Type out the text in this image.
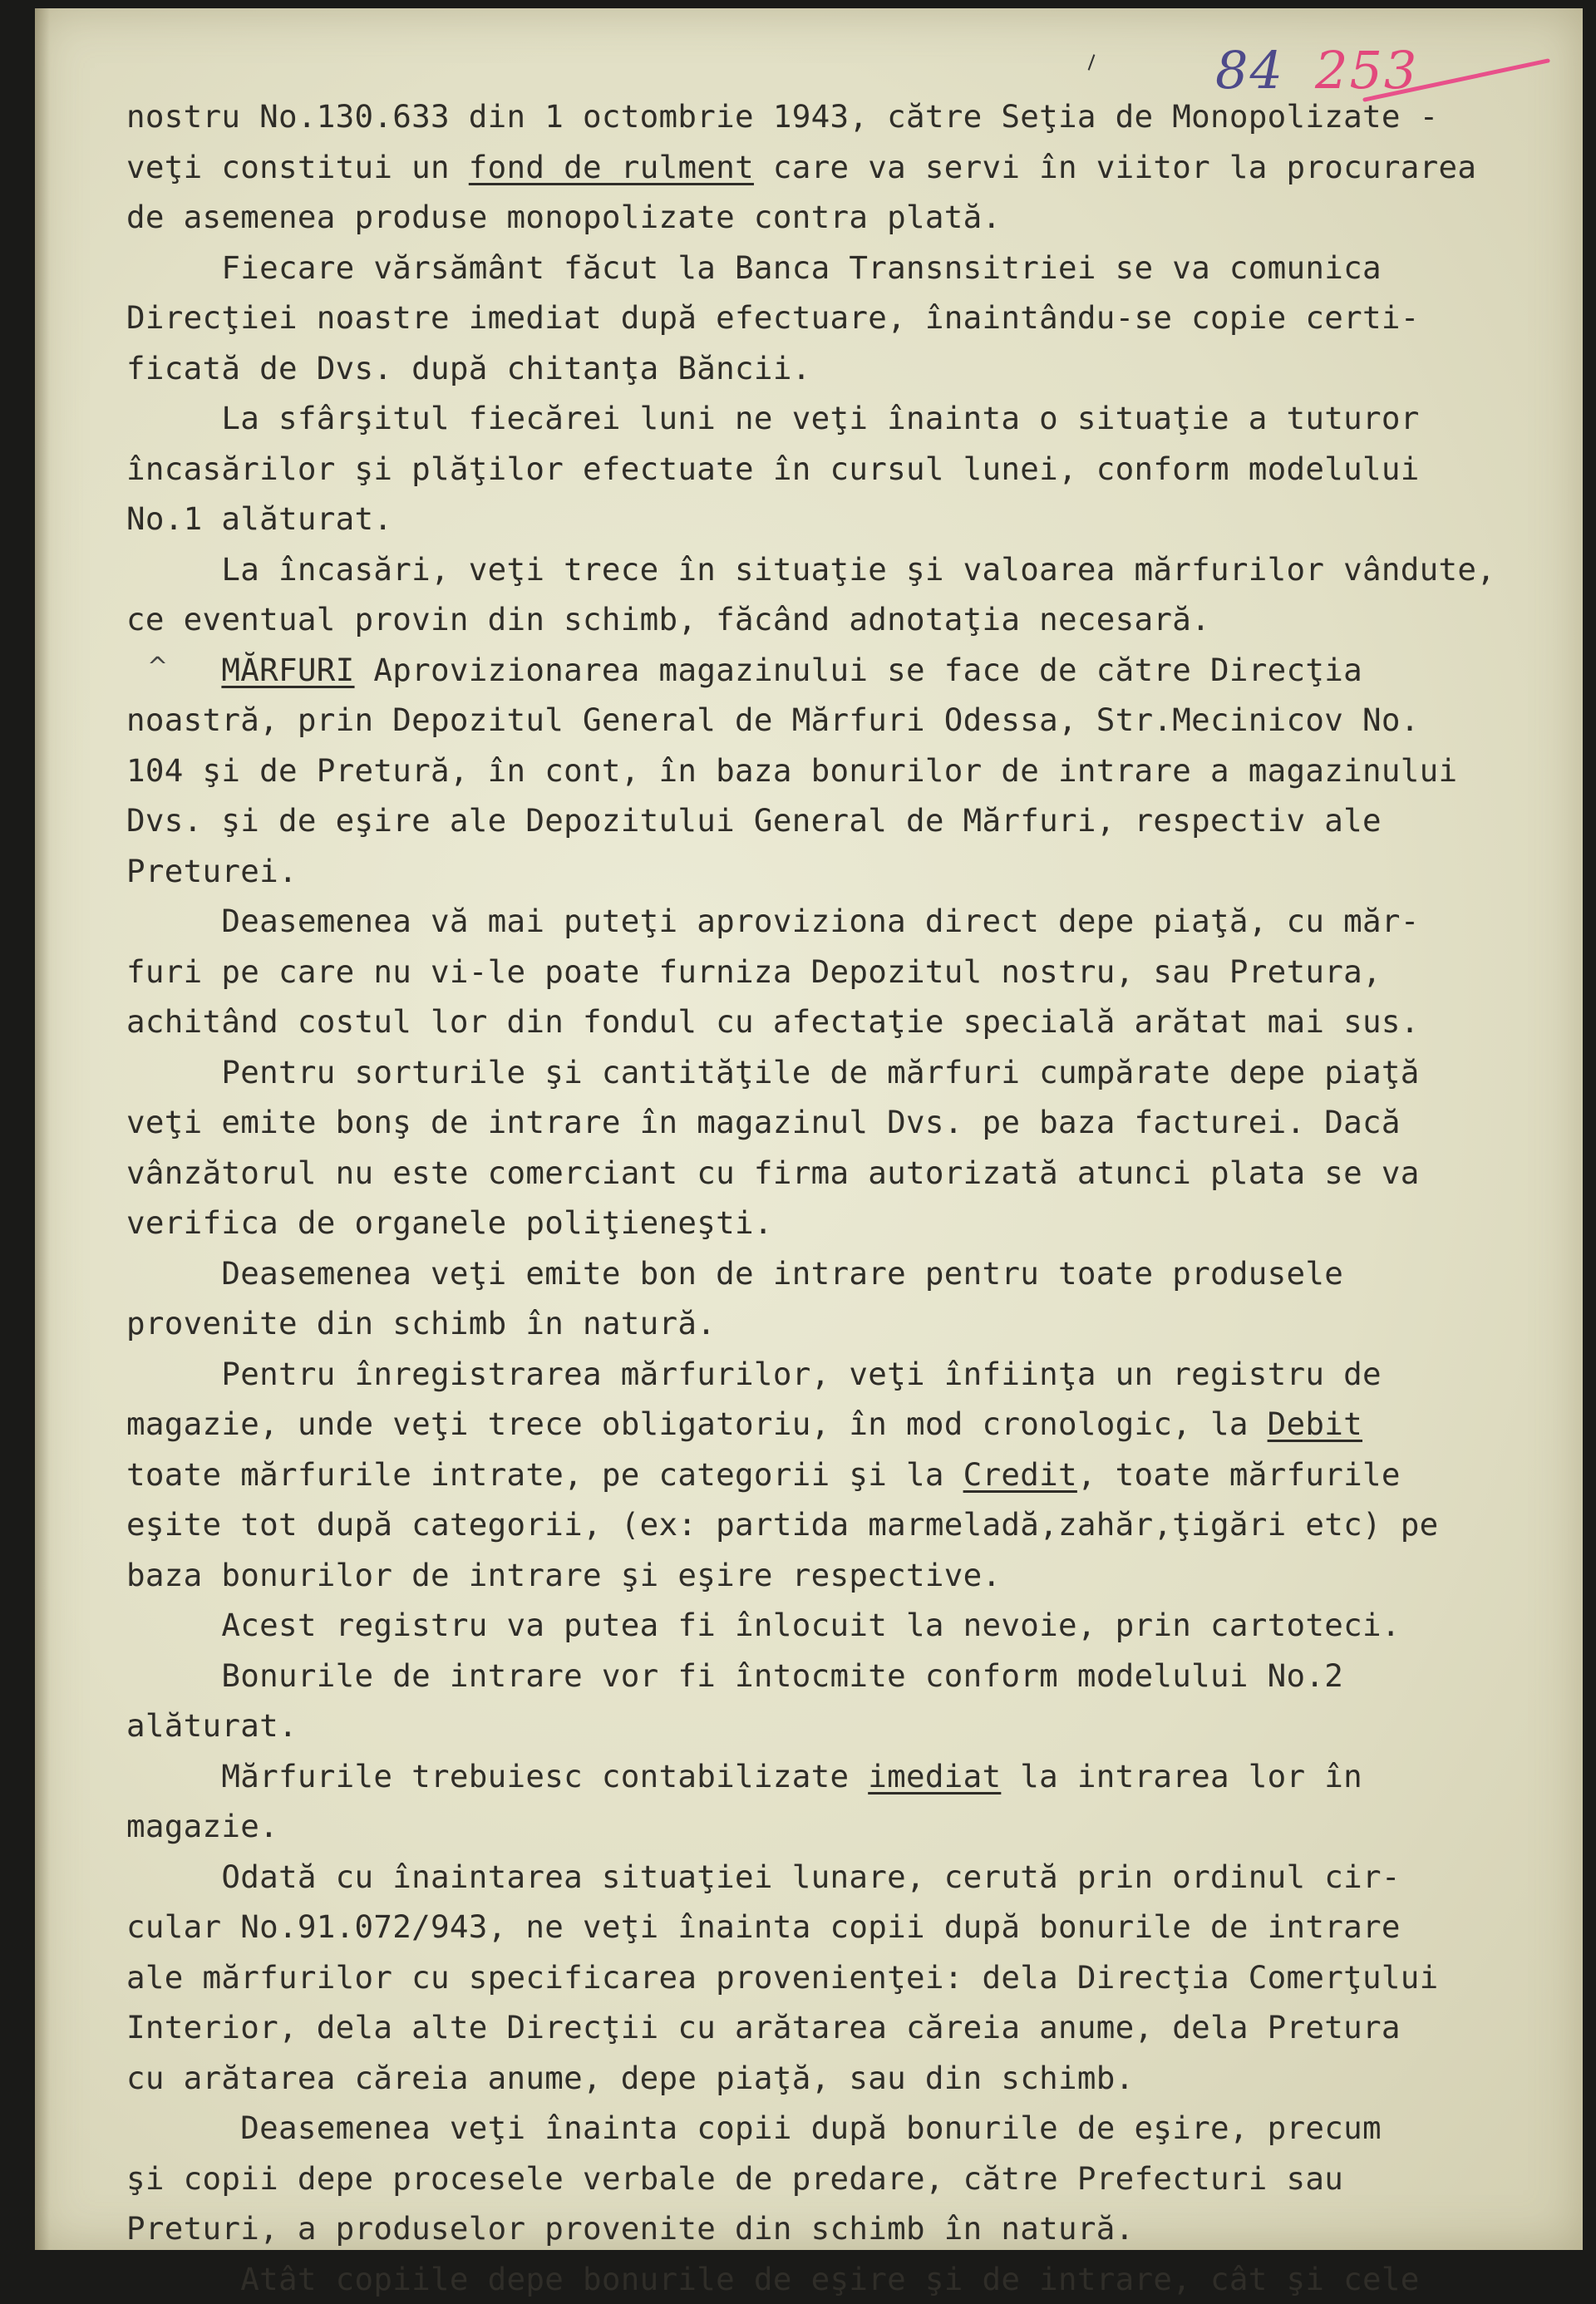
84 253
^
nostru No.130.633 din 1 octombrie 1943, către Seţia de Monopolizate -
veţi constitui un fond de rulment care va servi în viitor la procurarea
de asemenea produse monopolizate contra plată.
Fiecare vărsământ făcut la Banca Transnsitriei se va comunica
Direcţiei noastre imediat după efectuare, înaintându-se copie certi-
ficată de Dvs. după chitanţa Băncii.
La sfârşitul fiecărei luni ne veţi înainta o situaţie a tuturor
încasărilor şi plăţilor efectuate în cursul lunei, conform modelului
No.1 alăturat.
La încasări, veţi trece în situaţie şi valoarea mărfurilor vândute,
ce eventual provin din schimb, făcând adnotaţia necesară.
MĂRFURI Aprovizionarea magazinului se face de către Direcţia
noastră, prin Depozitul General de Mărfuri Odessa, Str.Mecinicov No.
104 şi de Pretură, în cont, în baza bonurilor de intrare a magazinului
Dvs. şi de eşire ale Depozitului General de Mărfuri, respectiv ale
Preturei.
Deasemenea vă mai puteţi aproviziona direct depe piaţă, cu măr-
furi pe care nu vi-le poate furniza Depozitul nostru, sau Pretura,
achitând costul lor din fondul cu afectaţie specială arătat mai sus.
Pentru sorturile şi cantităţile de mărfuri cumpărate depe piaţă
veţi emite bonş de intrare în magazinul Dvs. pe baza facturei. Dacă
vânzătorul nu este comerciant cu firma autorizată atunci plata se va
verifica de organele poliţieneşti.
Deasemenea veţi emite bon de intrare pentru toate produsele
provenite din schimb în natură.
Pentru înregistrarea mărfurilor, veţi înfiinţa un registru de
magazie, unde veţi trece obligatoriu, în mod cronologic, la Debit
toate mărfurile intrate, pe categorii şi la Credit, toate mărfurile
eşite tot după categorii, (ex: partida marmeladă,zahăr,ţigări etc) pe
baza bonurilor de intrare şi eşire respective.
Acest registru va putea fi înlocuit la nevoie, prin cartoteci.
Bonurile de intrare vor fi întocmite conform modelului No.2
alăturat.
Mărfurile trebuiesc contabilizate imediat la intrarea lor în
magazie.
Odată cu înaintarea situaţiei lunare, cerută prin ordinul cir-
cular No.91.072/943, ne veţi înainta copii după bonurile de intrare
ale mărfurilor cu specificarea provenienţei: dela Direcţia Comerţului
Interior, dela alte Direcţii cu arătarea căreia anume, dela Pretura
cu arătarea căreia anume, depe piaţă, sau din schimb.
Deasemenea veţi înainta copii după bonurile de eşire, precum
şi copii depe procesele verbale de predare, către Prefecturi sau
Preturi, a produselor provenite din schimb în natură.
Atât copiile depe bonurile de eşire şi de intrare, cât şi cele
